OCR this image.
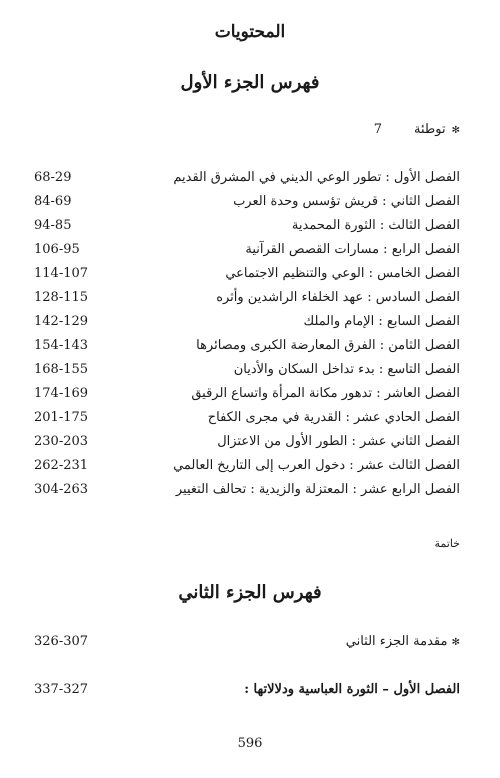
المحتويات
فهرس الجزء الأول
✻
توطئة
7
الفصل الأول : تطور الوعي الديني في المشرق القديم
68-29
الفصل الثاني : قريش تؤسس وحدة العرب
84-69
الفصل الثالث : الثورة المحمدية
94-85
الفصل الرابع : مسارات القصص القرآنية
106-95
الفصل الخامس : الوعي والتنظيم الاجتماعي
114-107
الفصل السادس : عهد الخلفاء الراشدين وأثره
128-115
الفصل السابع : الإمام والملك
142-129
الفصل الثامن : الفرق المعارضة الكبرى ومصائرها
154-143
الفصل التاسع : بدء تداخل السكان والأديان
168-155
الفصل العاشر : تدهور مكانة المرأة واتساع الرقيق
174-169
الفصل الحادي عشر : القدرية في مجرى الكفاح
201-175
الفصل الثاني عشر : الطور الأول من الاعتزال
230-203
الفصل الثالث عشر : دخول العرب إلى التاريخ العالمي
262-231
الفصل الرابع عشر : المعتزلة والزيدية : تحالف التغيير
304-263
خاتمة
فهرس الجزء الثاني
✻ مقدمة الجزء الثاني
326-307
الفصل الأول – الثورة العباسية ودلالاتها :
337-327
596
